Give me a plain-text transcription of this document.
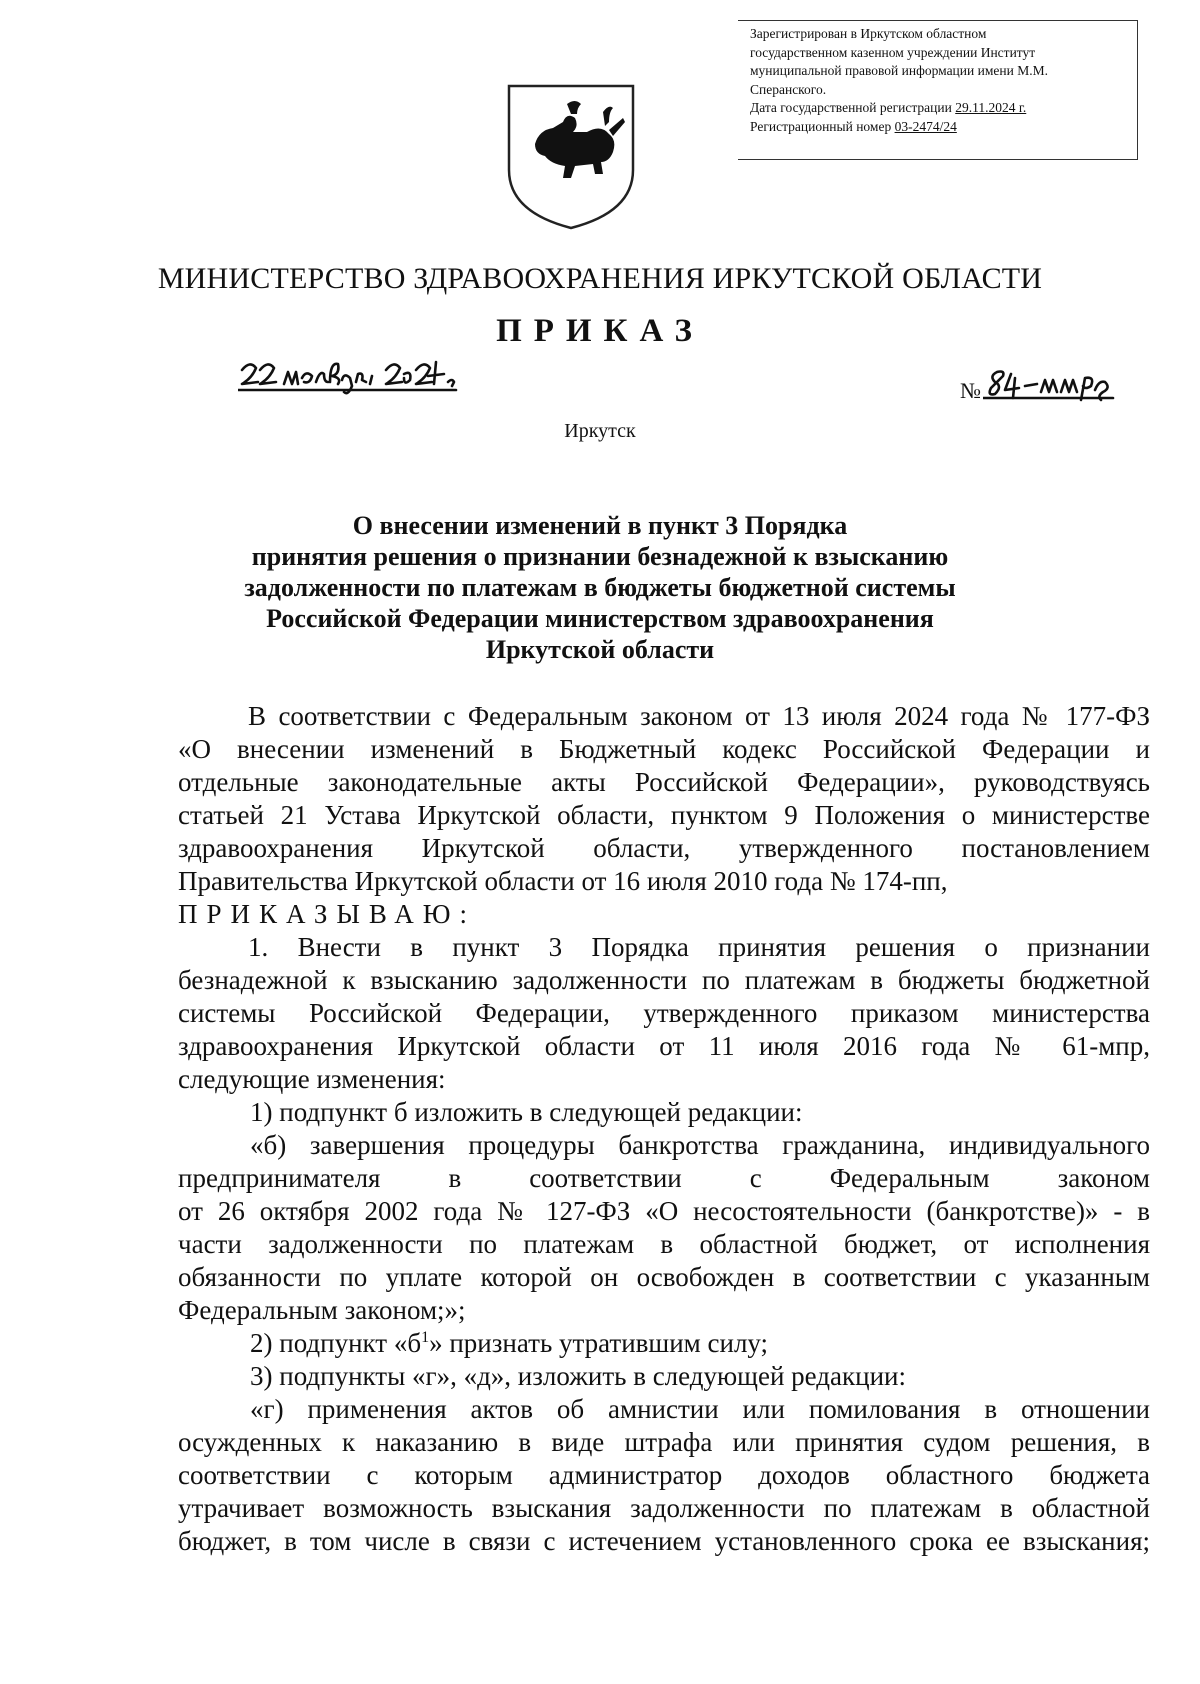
Зарегистрирован в Иркутском областном
государственном казенном учреждении Институт
муниципальной правовой информации имени М.М.
Сперанского.
Дата государственной регистрации 29.11.2024 г.
Регистрационный номер 03-2474/24
МИНИСТЕРСТВО ЗДРАВООХРАНЕНИЯ ИРКУТСКОЙ ОБЛАСТИ
ПРИКАЗ
№
Иркутск
О внесении изменений в пункт 3 Порядка
принятия решения о признании безнадежной к взысканию
задолженности по платежам в бюджеты бюджетной системы
Российской Федерации министерством здравоохранения
Иркутской области
В соответствии с Федеральным законом от 13 июля 2024 года № 177-ФЗ
«О внесении изменений в Бюджетный кодекс Российской Федерации и
отдельные законодательные акты Российской Федерации», руководствуясь
статьей 21 Устава Иркутской области, пунктом 9 Положения о министерстве
здравоохранения Иркутской области, утвержденного постановлением
Правительства Иркутской области от 16 июля 2010 года № 174-пп,
ПРИКАЗЫВАЮ:
1. Внести в пункт 3 Порядка принятия решения о признании
безнадежной к взысканию задолженности по платежам в бюджеты бюджетной
системы Российской Федерации, утвержденного приказом министерства
здравоохранения Иркутской области от 11 июля 2016 года № 61-мпр,
следующие изменения:
1) подпункт б изложить в следующей редакции:
«б) завершения процедуры банкротства гражданина, индивидуального
предпринимателя в соответствии с Федеральным законом
от 26 октября 2002 года № 127-ФЗ «О несостоятельности (банкротстве)» - в
части задолженности по платежам в областной бюджет, от исполнения
обязанности по уплате которой он освобожден в соответствии с указанным
Федеральным законом;»;
2) подпункт «$б^1$» признать утратившим силу;
3) подпункты «г», «д», изложить в следующей редакции:
«г) применения актов об амнистии или помилования в отношении
осужденных к наказанию в виде штрафа или принятия судом решения, в
соответствии с которым администратор доходов областного бюджета
утрачивает возможность взыскания задолженности по платежам в областной
бюджет, в том числе в связи с истечением установленного срока ее взыскания;
